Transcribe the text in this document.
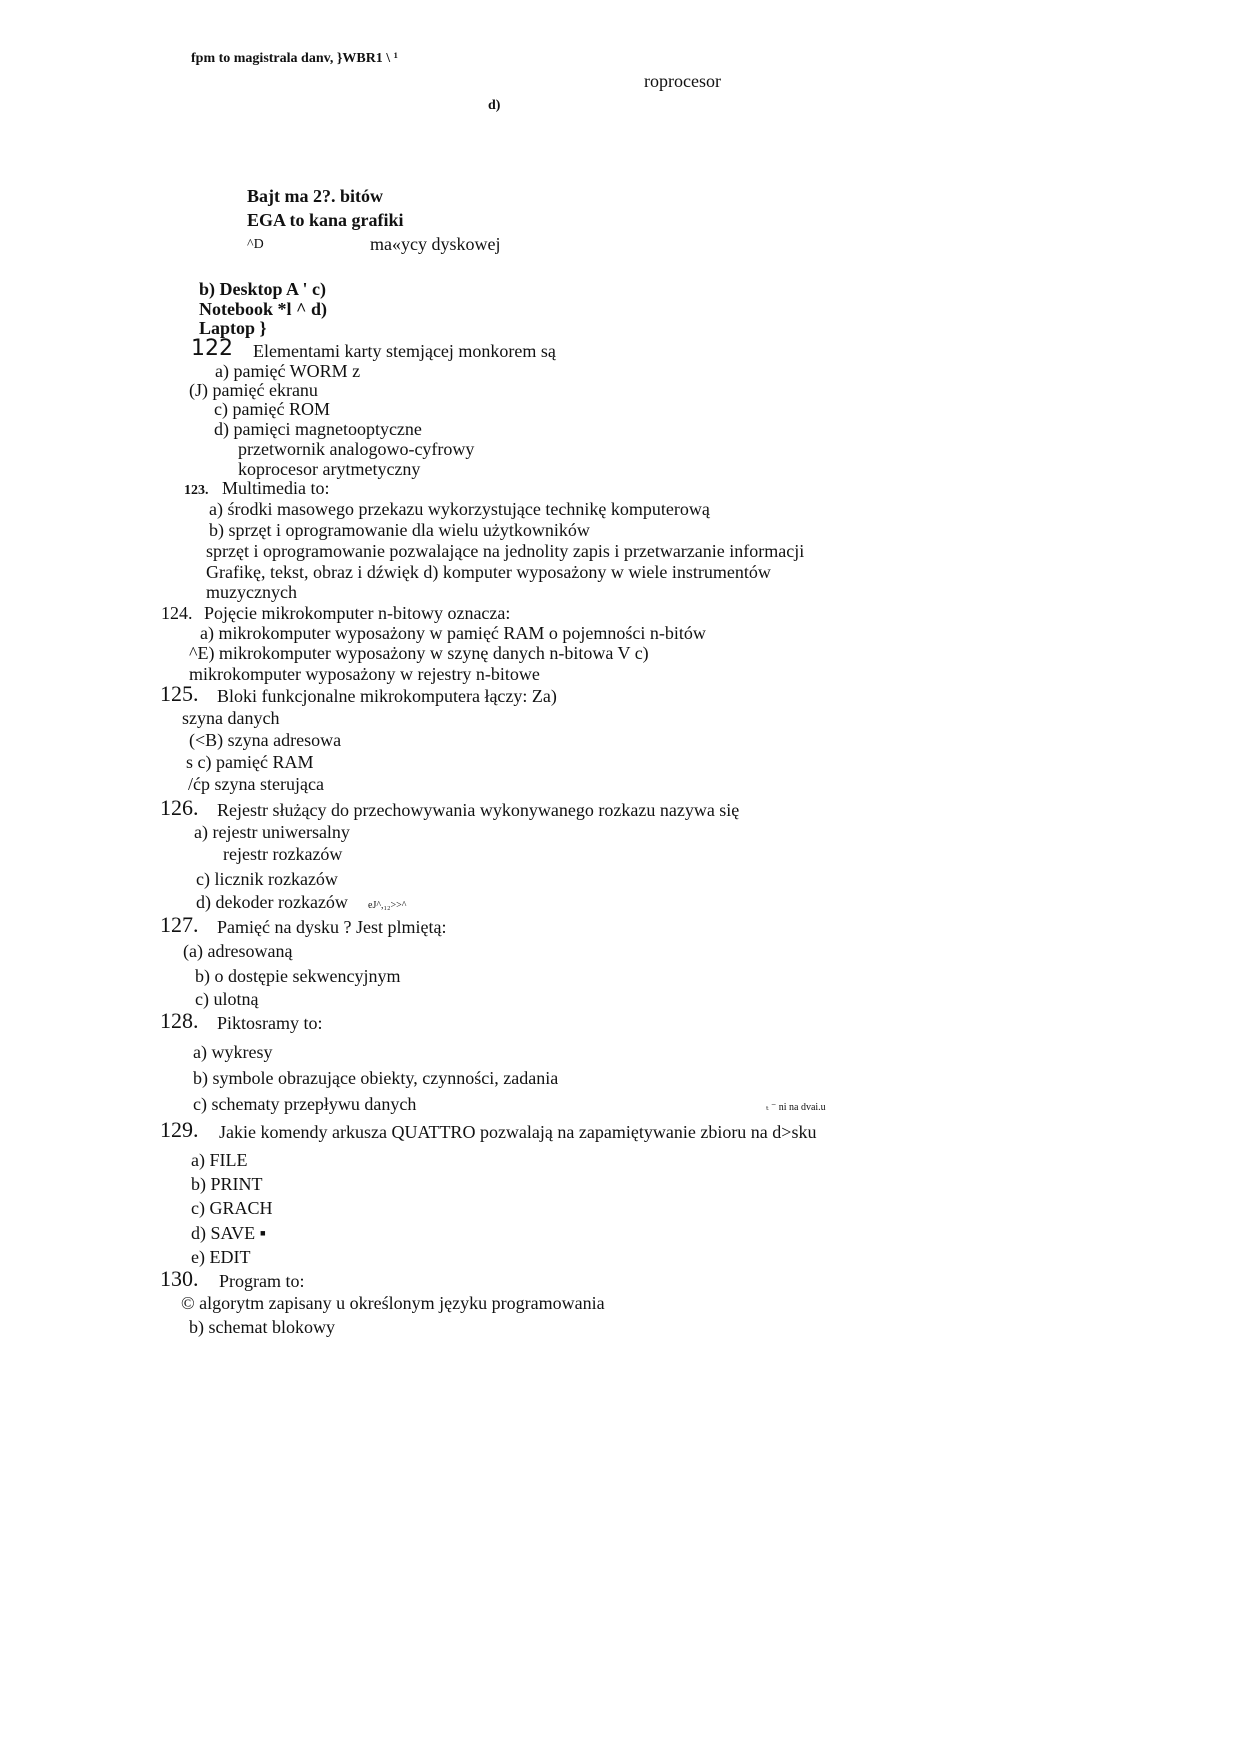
fpm to magistrala danv, }WBR1 \ ¹
roprocesor
d)
Bajt ma 2?. bitów
EGA to kana grafiki
^D	ma«ycy dyskowej
b) Desktop A ' c)
Notebook *l ^ d)
Laptop }
122 Elementami karty stemjącej monkorem są
a) pamięć WORM z
(J) pamięć ekranu
c) pamięć ROM
d) pamięci magnetooptyczne
przetwornik analogowo-cyfrowy
koprocesor arytmetyczny
123. Multimedia to:
a) środki masowego przekazu wykorzystujące technikę komputerową
b) sprzęt i oprogramowanie dla wielu użytkowników
sprzęt i oprogramowanie pozwalające na jednolity zapis i przetwarzanie informacji
Grafikę, tekst, obraz i dźwięk d) komputer wyposażony w wiele instrumentów
muzycznych
124. Pojęcie mikrokomputer n-bitowy oznacza:
a) mikrokomputer wyposażony w pamięć RAM o pojemności n-bitów
^E) mikrokomputer wyposażony w szynę danych n-bitowa V c)
mikrokomputer wyposażony w rejestry n-bitowe
125. Bloki funkcjonalne mikrokomputera łączy: Za)
szyna danych
(<B) szyna adresowa
s c) pamięć RAM
/ćp szyna sterująca
126. Rejestr służący do przechowywania wykonywanego rozkazu nazywa się
a) rejestr uniwersalny
rejestr rozkazów
c) licznik rozkazów
d) dekoder rozkazów eJ^,₁₂>>^
127. Pamięć na dysku ? Jest plmiętą:
(a) adresowaną
b) o dostępie sekwencyjnym
c) ulotną
128. Piktosramy to:
a) wykresy
b) symbole obrazujące obiekty, czynności, zadania
c) schematy przepływu danych	ₜ ⁻ ni na dvai.u
129. Jakie komendy arkusza QUATTRO pozwalają na zapamiętywanie zbioru na d>sku
a) FILE
b) PRINT
c) GRACH
d) SAVE ▪
e) EDIT
130. Program to:
© algorytm zapisany u określonym języku programowania
b) schemat blokowy
